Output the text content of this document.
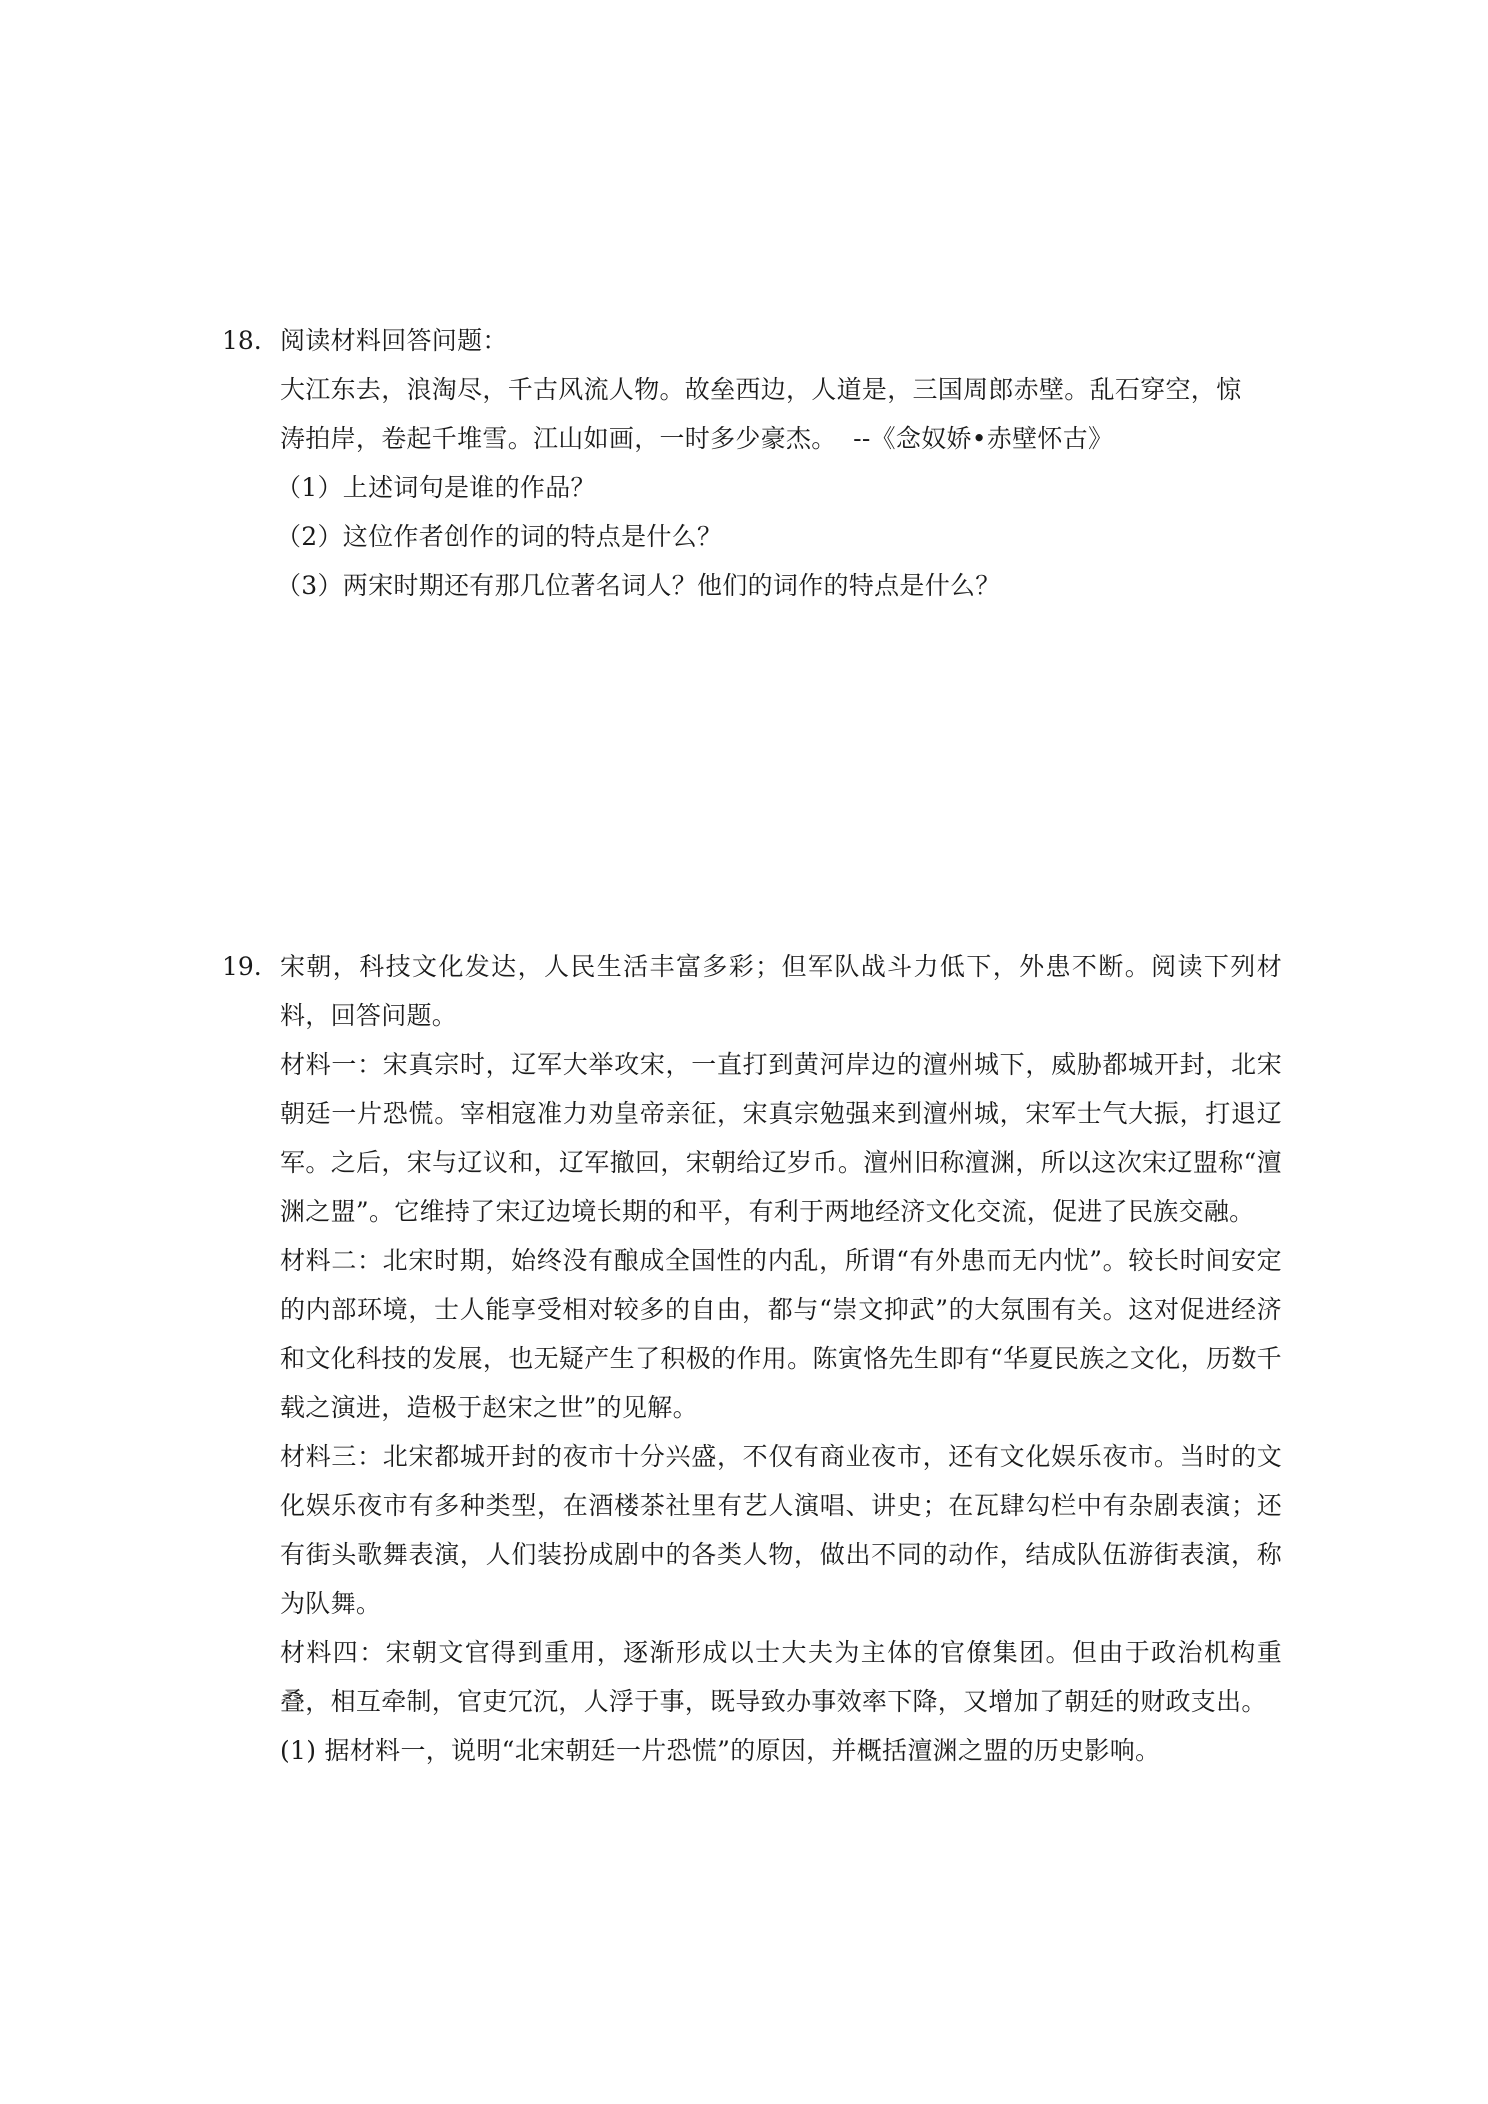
18. 阅读材料回答问题：
大江东去，浪淘尽，千古风流人物。故垒西边，人道是，三国周郎赤壁。乱石穿空，惊
涛拍岸，卷起千堆雪。江山如画，一时多少豪杰。  --《念奴娇•赤壁怀古》
（1）上述词句是谁的作品？
（2）这位作者创作的词的特点是什么？
（3）两宋时期还有那几位著名词人？他们的词作的特点是什么？
19. 宋朝，科技文化发达，人民生活丰富多彩；但军队战斗力低下，外患不断。阅读下列材料，回答问题。
材料一：宋真宗时，辽军大举攻宋，一直打到黄河岸边的澶州城下，威胁都城开封，北宋朝廷一片恐慌。宰相寇准力劝皇帝亲征，宋真宗勉强来到澶州城，宋军士气大振，打退辽军。之后，宋与辽议和，辽军撤回，宋朝给辽岁币。澶州旧称澶渊，所以这次宋辽盟称“澶渊之盟”。它维持了宋辽边境长期的和平，有利于两地经济文化交流，促进了民族交融。
材料二：北宋时期，始终没有酿成全国性的内乱，所谓“有外患而无内忧”。较长时间安定的内部环境，士人能享受相对较多的自由，都与“崇文抑武”的大氛围有关。这对促进经济和文化科技的发展，也无疑产生了积极的作用。陈寅恪先生即有“华夏民族之文化，历数千载之演进，造极于赵宋之世”的见解。
材料三：北宋都城开封的夜市十分兴盛，不仅有商业夜市，还有文化娱乐夜市。当时的文化娱乐夜市有多种类型，在酒楼茶社里有艺人演唱、讲史；在瓦肆勾栏中有杂剧表演；还有街头歌舞表演，人们装扮成剧中的各类人物，做出不同的动作，结成队伍游街表演，称为队舞。
材料四：宋朝文官得到重用，逐渐形成以士大夫为主体的官僚集团。但由于政治机构重叠，相互牵制，官吏冗沉，人浮于事，既导致办事效率下降，又增加了朝廷的财政支出。
(1) 据材料一，说明“北宋朝廷一片恐慌”的原因，并概括澶渊之盟的历史影响。
